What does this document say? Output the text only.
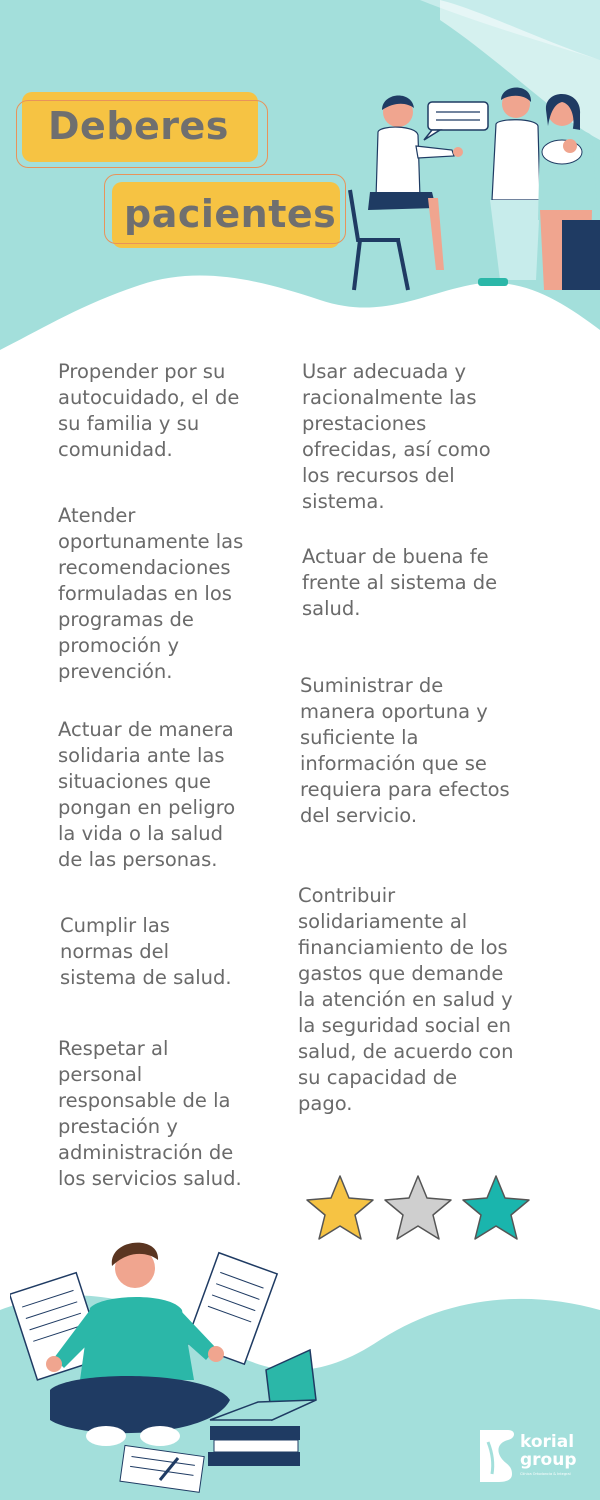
Deberes
pacientes
Propender por su
autocuidado, el de
su familia y su
comunidad.
Atender
oportunamente las
recomendaciones
formuladas en los
programas de
promoción y
prevención.
Actuar de manera
solidaria ante las
situaciones que
pongan en peligro
la vida o la salud
de las personas.
Cumplir las
normas del
sistema de salud.
Respetar al
personal
responsable de la
prestación y
administración de
los servicios salud.
Usar adecuada y
racionalmente las
prestaciones
ofrecidas, así como
los recursos del
sistema.
Actuar de buena fe
frente al sistema de
salud.
Suministrar de
manera oportuna y
suficiente la
información que se
requiera para efectos
del servicio.
Contribuir
solidariamente al
financiamiento de los
gastos que demande
la atención en salud y
la seguridad social en
salud, de acuerdo con
su capacidad de
pago.
korial
group
Clínica Ortodoncia & Integral
